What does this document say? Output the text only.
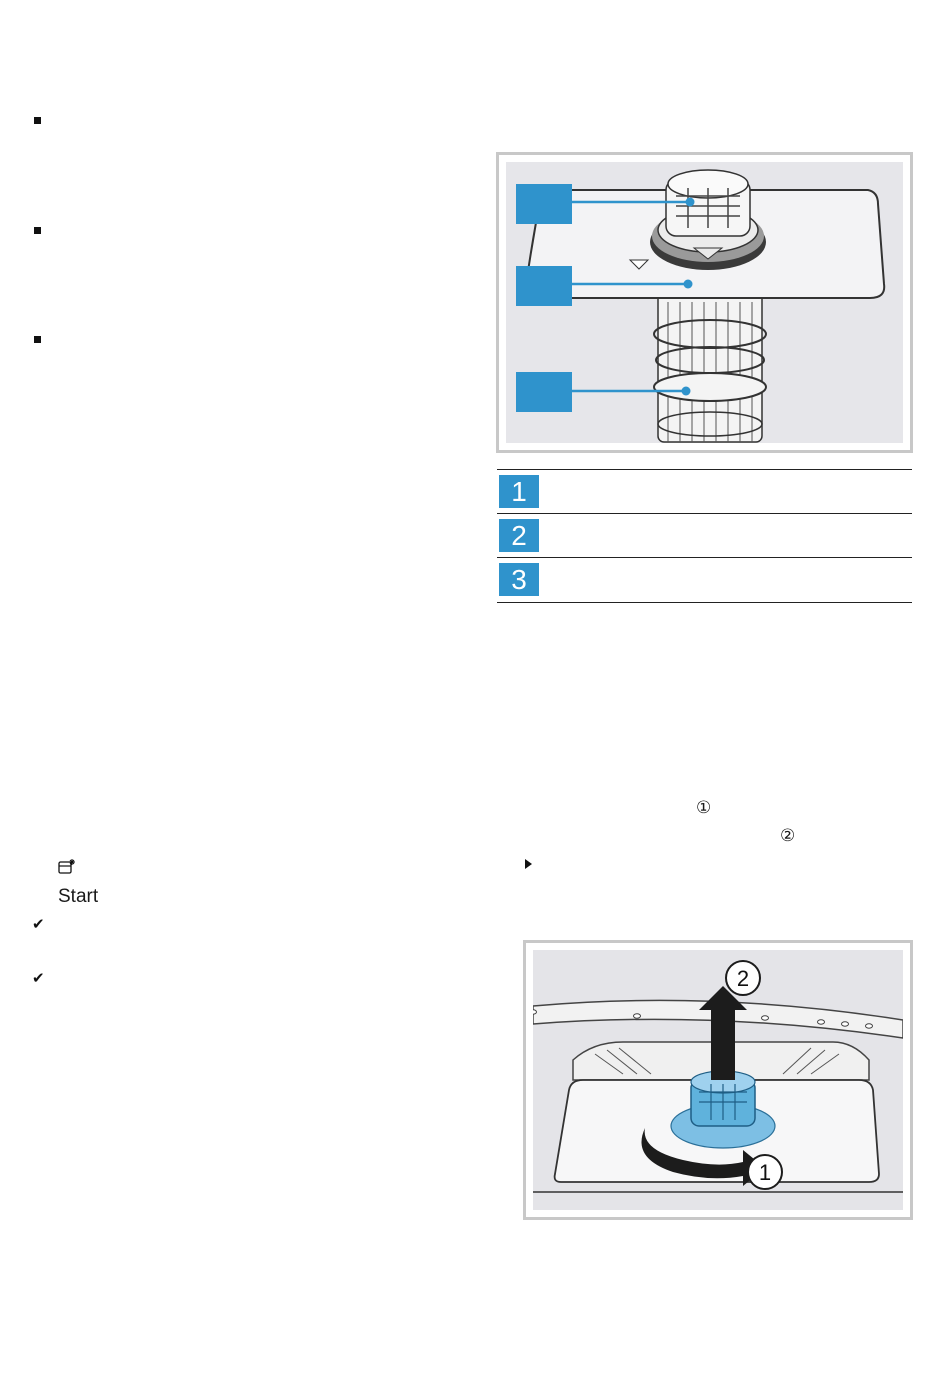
1
2
3
①
②
Start
✔
✔	2
1
